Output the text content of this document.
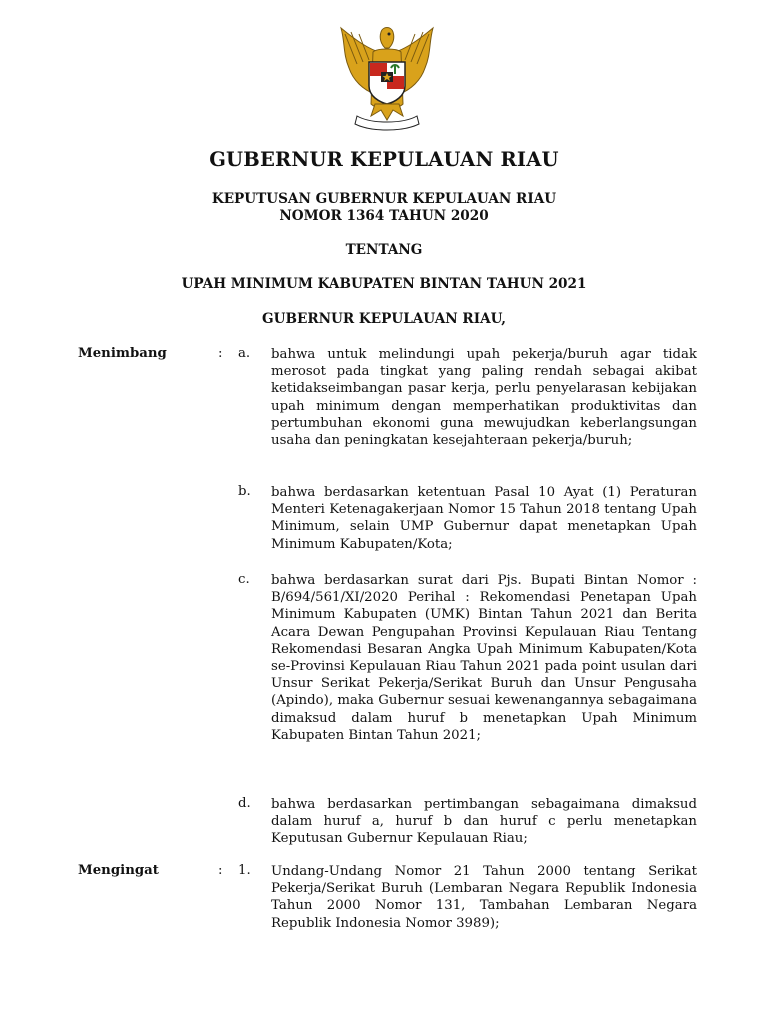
GUBERNUR KEPULAUAN RIAU
KEPUTUSAN GUBERNUR KEPULAUAN RIAU
NOMOR 1364 TAHUN 2020
TENTANG
UPAH MINIMUM KABUPATEN BINTAN TAHUN 2021
GUBERNUR KEPULAUAN RIAU,
Menimbang	: a. bahwa untuk melindungi upah pekerja/buruh agar tidak merosot pada tingkat yang paling rendah sebagai akibat ketidakseimbangan pasar kerja, perlu penyelarasan kebijakan upah minimum dengan memperhatikan produktivitas dan pertumbuhan ekonomi guna mewujudkan keberlangsungan usaha dan peningkatan kesejahteraan pekerja/buruh;
b. bahwa berdasarkan ketentuan Pasal 10 Ayat (1) Peraturan Menteri Ketenagakerjaan Nomor 15 Tahun 2018 tentang Upah Minimum, selain UMP Gubernur dapat menetapkan Upah Minimum Kabupaten/Kota;
c. bahwa berdasarkan surat dari Pjs. Bupati Bintan Nomor : B/694/561/XI/2020 Perihal : Rekomendasi Penetapan Upah Minimum Kabupaten (UMK) Bintan Tahun 2021 dan Berita Acara Dewan Pengupahan Provinsi Kepulauan Riau Tentang Rekomendasi Besaran Angka Upah Minimum Kabupaten/Kota se-Provinsi Kepulauan Riau Tahun 2021 pada point usulan dari Unsur Serikat Pekerja/Serikat Buruh dan Unsur Pengusaha (Apindo), maka Gubernur sesuai kewenangannya sebagaimana dimaksud dalam huruf b menetapkan Upah Minimum Kabupaten Bintan Tahun 2021;
d. bahwa berdasarkan pertimbangan sebagaimana dimaksud dalam huruf a, huruf b dan huruf c perlu menetapkan Keputusan Gubernur Kepulauan Riau;
Mengingat	: 1. Undang-Undang Nomor 21 Tahun 2000 tentang Serikat Pekerja/Serikat Buruh (Lembaran Negara Republik Indonesia Tahun 2000 Nomor 131, Tambahan Lembaran Negara Republik Indonesia Nomor 3989);
